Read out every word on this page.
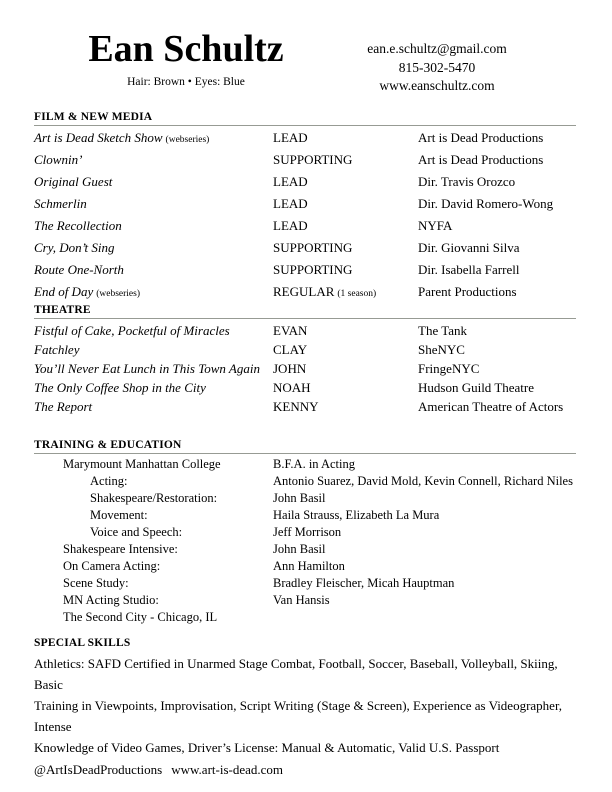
Ean Schultz
Hair: Brown • Eyes: Blue
ean.e.schultz@gmail.com
815-302-5470
www.eanschultz.com
FILM & NEW MEDIA
Art is Dead Sketch Show (webseries)	LEAD	Art is Dead Productions
Clownin’	SUPPORTING	Art is Dead Productions
Original Guest	LEAD	Dir. Travis Orozco
Schmerlin	LEAD	Dir. David Romero-Wong
The Recollection	LEAD	NYFA
Cry, Don’t Sing	SUPPORTING	Dir. Giovanni Silva
Route One-North	SUPPORTING	Dir. Isabella Farrell
End of Day (webseries)	REGULAR (1 season)	Parent Productions
THEATRE
Fistful of Cake, Pocketful of Miracles	EVAN	The Tank
Fatchley	CLAY	SheNYC
You’ll Never Eat Lunch in This Town Again	JOHN	FringeNYC
The Only Coffee Shop in the City	NOAH	Hudson Guild Theatre
The Report	KENNY	American Theatre of Actors
TRAINING & EDUCATION
Marymount Manhattan College	B.F.A. in Acting
Acting:	Antonio Suarez, David Mold, Kevin Connell, Richard Niles
Shakespeare/Restoration:	John Basil
Movement:	Haila Strauss, Elizabeth La Mura
Voice and Speech:	Jeff Morrison
Shakespeare Intensive:	John Basil
On Camera Acting:	Ann Hamilton
Scene Study:	Bradley Fleischer, Micah Hauptman
MN Acting Studio:	Van Hansis
The Second City - Chicago, IL
SPECIAL SKILLS
Athletics: SAFD Certified in Unarmed Stage Combat, Football, Soccer, Baseball, Volleyball, Skiing, Basic
Training in Viewpoints, Improvisation, Script Writing (Stage & Screen), Experience as Videographer, Intense
Knowledge of Video Games, Driver’s License: Manual & Automatic, Valid U.S. Passport
@ArtIsDeadProductions www.art-is-dead.com
